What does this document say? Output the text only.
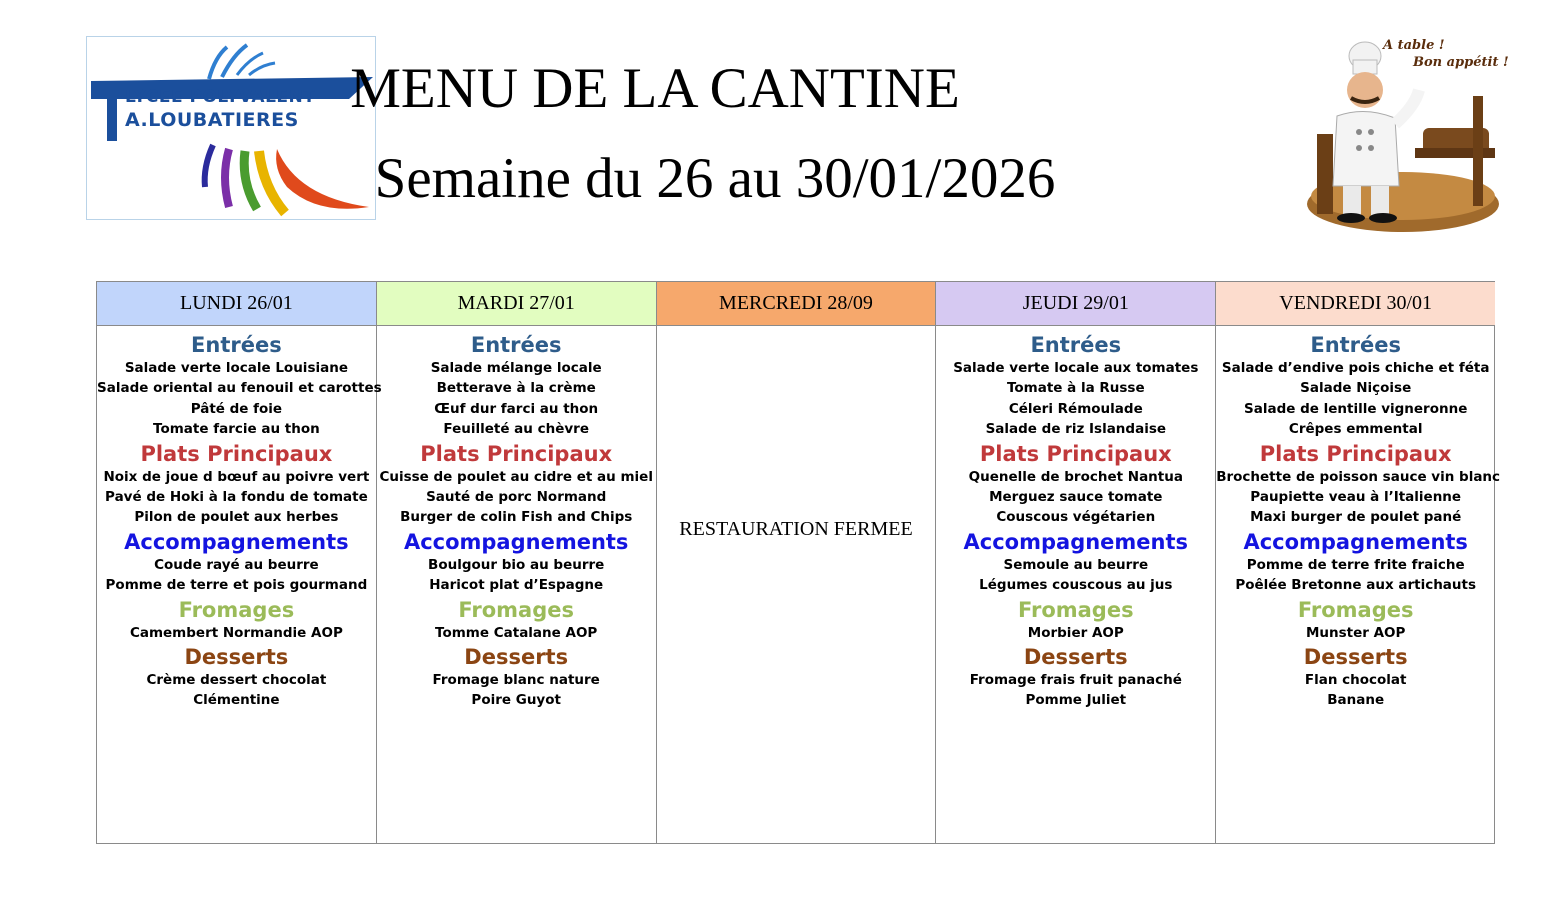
LYCEE POLYVALENT
A.LOUBATIERES MENU DE LA CANTINE
Semaine du 26 au 30/01/2026
A table !
Bon appétit !
LUNDI 26/01
Entrées
Salade verte locale Louisiane
Salade oriental au fenouil et carottes
Pâté de foie
Tomate farcie au thon
Plats Principaux
Noix de joue d bœuf au poivre vert
Pavé de Hoki à la fondu de tomate
Pilon de poulet aux herbes
Accompagnements
Coude rayé au beurre
Pomme de terre et pois gourmand
Fromages
Camembert Normandie AOP
Desserts
Crème dessert chocolat
Clémentine
MARDI 27/01
Entrées
Salade mélange locale
Betterave à la crème
Œuf dur farci au thon
Feuilleté au chèvre
Plats Principaux
Cuisse de poulet au cidre et au miel
Sauté de porc Normand
Burger de colin Fish and Chips
Accompagnements
Boulgour bio au beurre
Haricot plat d’Espagne
Fromages
Tomme Catalane AOP
Desserts
Fromage blanc nature
Poire Guyot
MERCREDI 28/09
RESTAURATION FERMEE
JEUDI 29/01
Entrées
Salade verte locale aux tomates
Tomate à la Russe
Céleri Rémoulade
Salade de riz Islandaise
Plats Principaux
Quenelle de brochet Nantua
Merguez sauce tomate
Couscous végétarien
Accompagnements
Semoule au beurre
Légumes couscous au jus
Fromages
Morbier AOP
Desserts
Fromage frais fruit panaché
Pomme Juliet
VENDREDI 30/01
Entrées
Salade d’endive pois chiche et féta
Salade Niçoise
Salade de lentille vigneronne
Crêpes emmental
Plats Principaux
Brochette de poisson sauce vin blanc
Paupiette veau à l’Italienne
Maxi burger de poulet pané
Accompagnements
Pomme de terre frite fraiche
Poêlée Bretonne aux artichauts
Fromages
Munster AOP
Desserts
Flan chocolat
Banane
